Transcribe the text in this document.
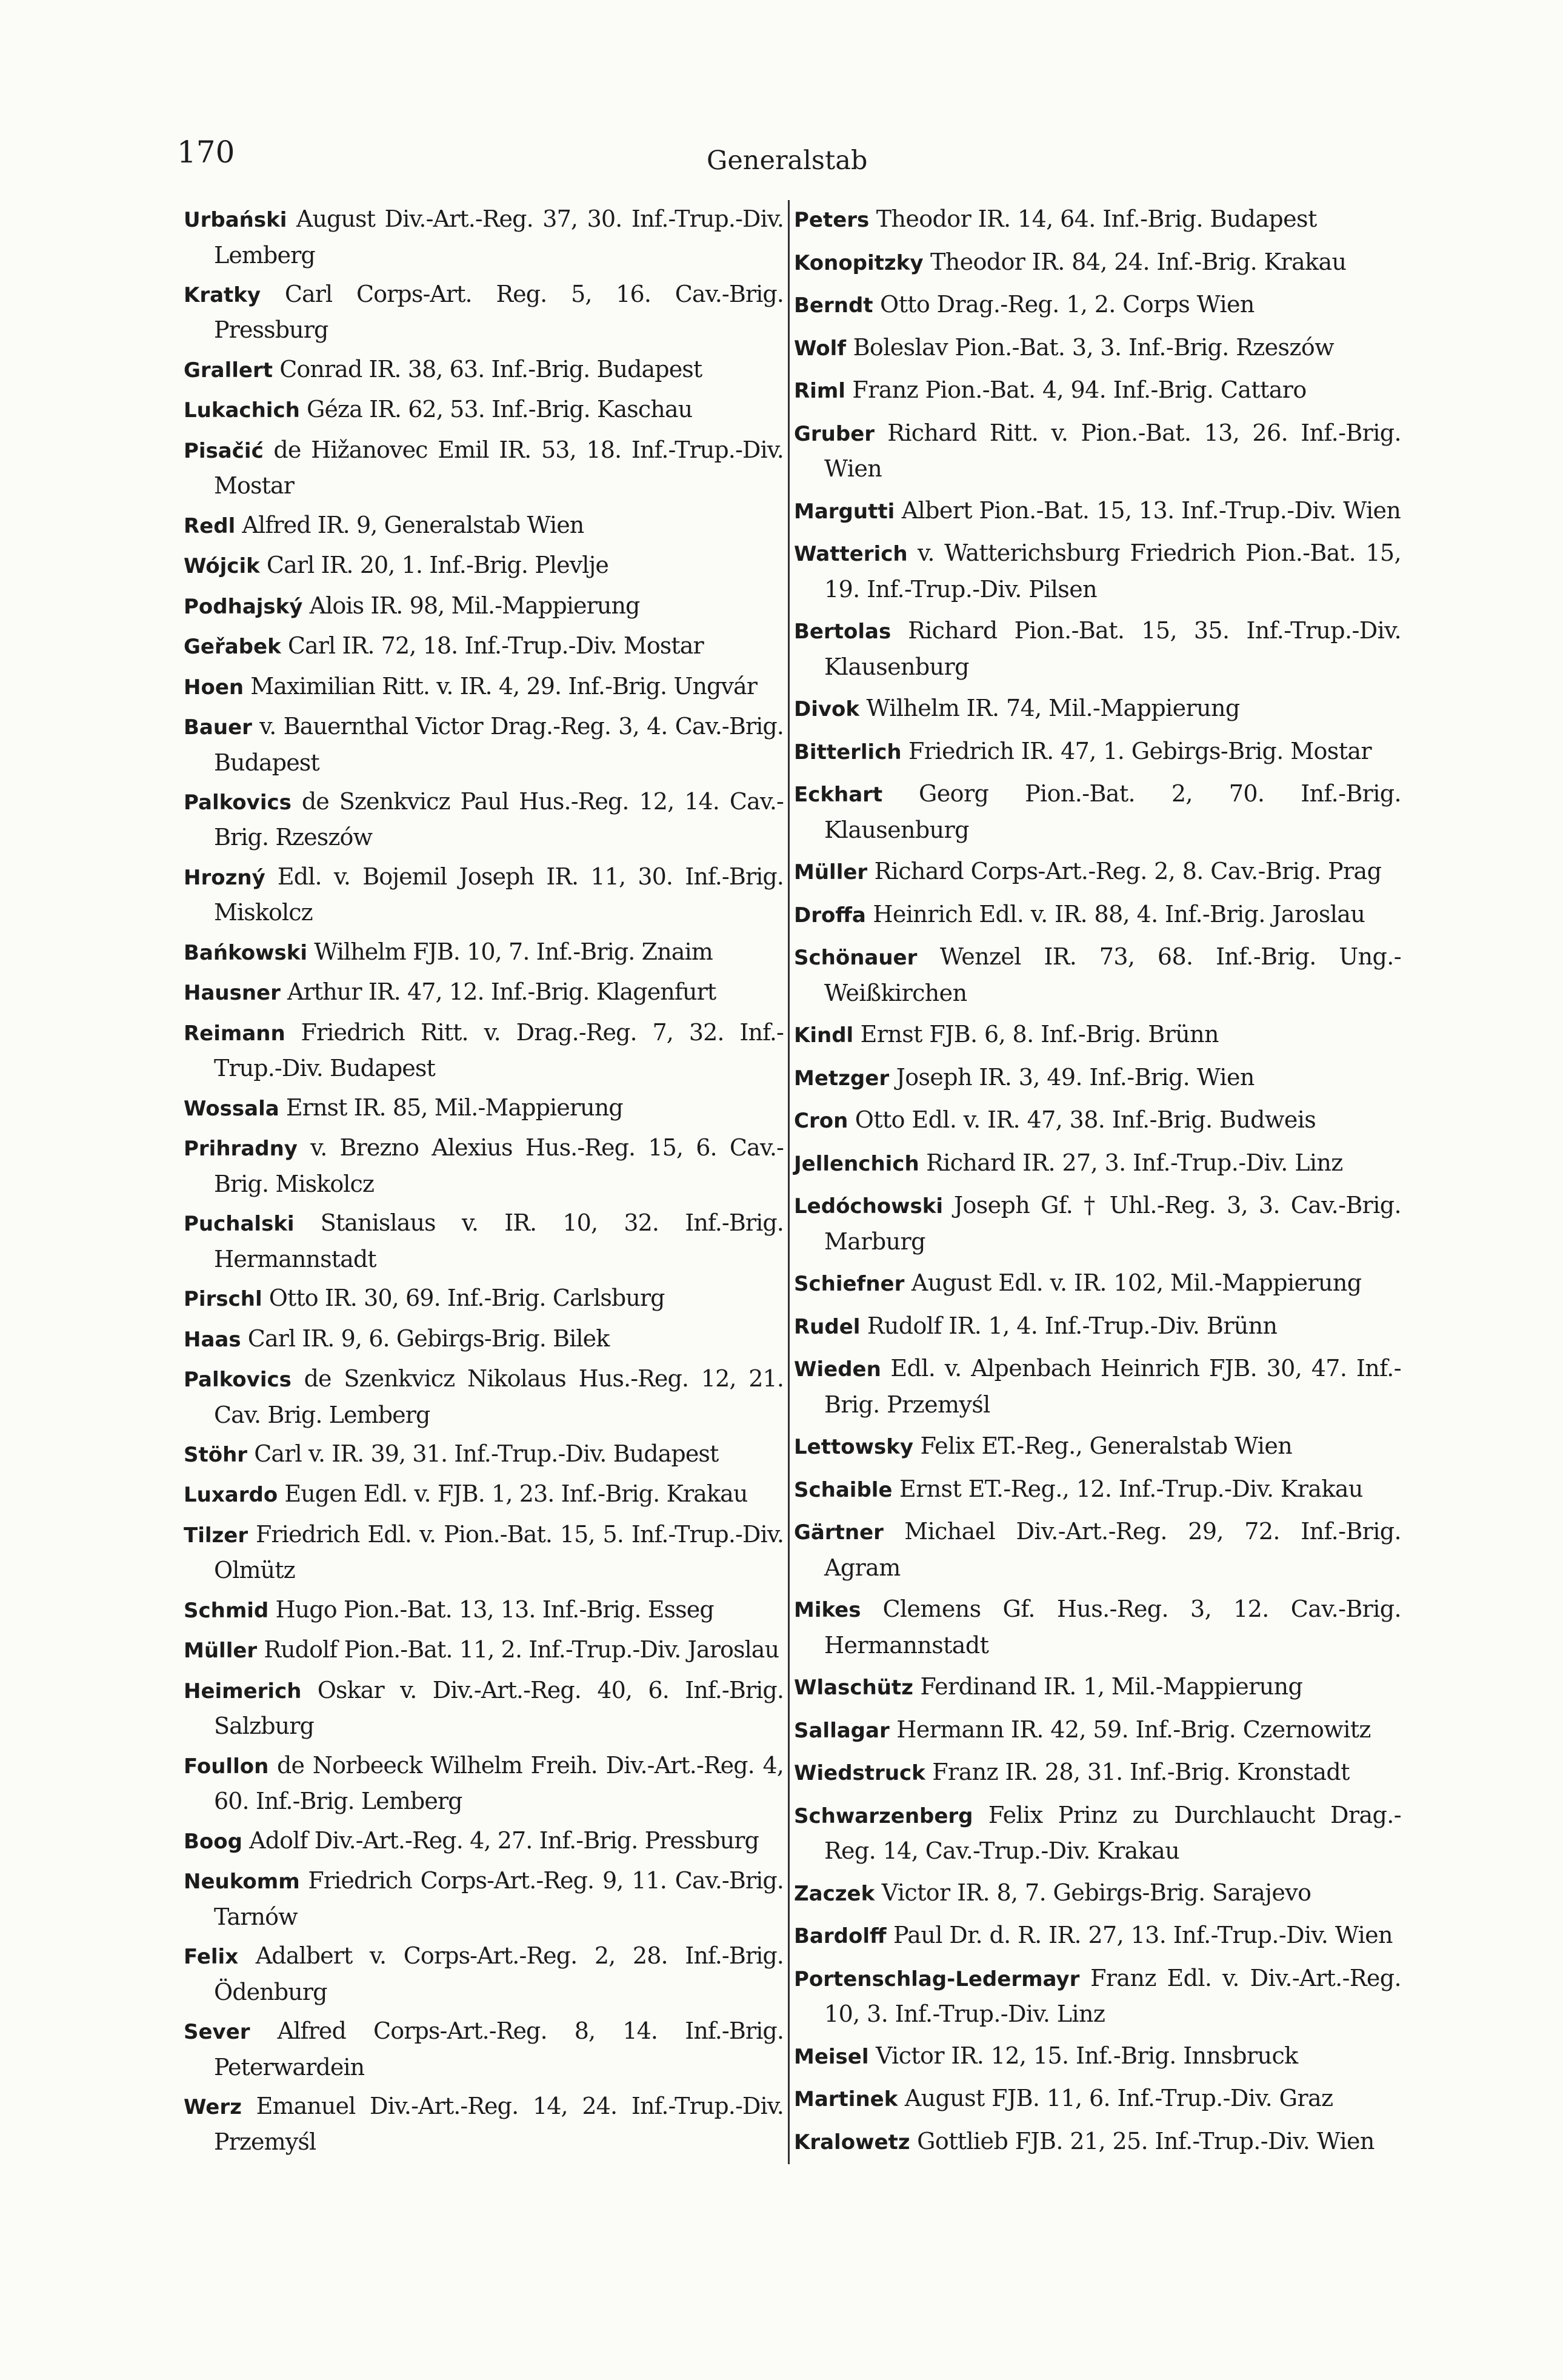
170	Generalstab
Urbański August Div.-Art.-Reg. 37, 30. Inf.-Trup.-Div. Lemberg
Kratky Carl Corps-Art. Reg. 5, 16. Cav.-Brig. Pressburg
Grallert Conrad IR. 38, 63. Inf.-Brig. Budapest
Lukachich Géza IR. 62, 53. Inf.-Brig. Kaschau
Pisačić de Hižanovec Emil IR. 53, 18. Inf.-Trup.-Div. Mostar
Redl Alfred IR. 9, Generalstab Wien
Wójcik Carl IR. 20, 1. Inf.-Brig. Plevlje
Podhajský Alois IR. 98, Mil.-Mappierung
Geřabek Carl IR. 72, 18. Inf.-Trup.-Div. Mostar
Hoen Maximilian Ritt. v. IR. 4, 29. Inf.-Brig. Ungvár
Bauer v. Bauernthal Victor Drag.-Reg. 3, 4. Cav.-Brig. Budapest
Palkovics de Szenkvicz Paul Hus.-Reg. 12, 14. Cav.-Brig. Rzeszów
Hrozný Edl. v. Bojemil Joseph IR. 11, 30. Inf.-Brig. Miskolcz
Bańkowski Wilhelm FJB. 10, 7. Inf.-Brig. Znaim
Hausner Arthur IR. 47, 12. Inf.-Brig. Klagenfurt
Reimann Friedrich Ritt. v. Drag.-Reg. 7, 32. Inf.-Trup.-Div. Budapest
Wossala Ernst IR. 85, Mil.-Mappierung
Prihradny v. Brezno Alexius Hus.-Reg. 15, 6. Cav.-Brig. Miskolcz
Puchalski Stanislaus v. IR. 10, 32. Inf.-Brig. Hermannstadt
Pirschl Otto IR. 30, 69. Inf.-Brig. Carlsburg
Haas Carl IR. 9, 6. Gebirgs-Brig. Bilek
Palkovics de Szenkvicz Nikolaus Hus.-Reg. 12, 21. Cav. Brig. Lemberg
Stöhr Carl v. IR. 39, 31. Inf.-Trup.-Div. Budapest
Luxardo Eugen Edl. v. FJB. 1, 23. Inf.-Brig. Krakau
Tilzer Friedrich Edl. v. Pion.-Bat. 15, 5. Inf.-Trup.-Div. Olmütz
Schmid Hugo Pion.-Bat. 13, 13. Inf.-Brig. Esseg
Müller Rudolf Pion.-Bat. 11, 2. Inf.-Trup.-Div. Jaroslau
Heimerich Oskar v. Div.-Art.-Reg. 40, 6. Inf.-Brig. Salzburg
Foullon de Norbeeck Wilhelm Freih. Div.-Art.-Reg. 4, 60. Inf.-Brig. Lemberg
Boog Adolf Div.-Art.-Reg. 4, 27. Inf.-Brig. Pressburg
Neukomm Friedrich Corps-Art.-Reg. 9, 11. Cav.-Brig. Tarnów
Felix Adalbert v. Corps-Art.-Reg. 2, 28. Inf.-Brig. Ödenburg
Sever Alfred Corps-Art.-Reg. 8, 14. Inf.-Brig. Peterwardein
Werz Emanuel Div.-Art.-Reg. 14, 24. Inf.-Trup.-Div. Przemyśl
Peters Theodor IR. 14, 64. Inf.-Brig. Budapest
Konopitzky Theodor IR. 84, 24. Inf.-Brig. Krakau
Berndt Otto Drag.-Reg. 1, 2. Corps Wien
Wolf Boleslav Pion.-Bat. 3, 3. Inf.-Brig. Rzeszów
Riml Franz Pion.-Bat. 4, 94. Inf.-Brig. Cattaro
Gruber Richard Ritt. v. Pion.-Bat. 13, 26. Inf.-Brig. Wien
Margutti Albert Pion.-Bat. 15, 13. Inf.-Trup.-Div. Wien
Watterich v. Watterichsburg Friedrich Pion.-Bat. 15, 19. Inf.-Trup.-Div. Pilsen
Bertolas Richard Pion.-Bat. 15, 35. Inf.-Trup.-Div. Klausenburg
Divok Wilhelm IR. 74, Mil.-Mappierung
Bitterlich Friedrich IR. 47, 1. Gebirgs-Brig. Mostar
Eckhart Georg Pion.-Bat. 2, 70. Inf.-Brig. Klausenburg
Müller Richard Corps-Art.-Reg. 2, 8. Cav.-Brig. Prag
Droffa Heinrich Edl. v. IR. 88, 4. Inf.-Brig. Jaroslau
Schönauer Wenzel IR. 73, 68. Inf.-Brig. Ung.-Weißkirchen
Kindl Ernst FJB. 6, 8. Inf.-Brig. Brünn
Metzger Joseph IR. 3, 49. Inf.-Brig. Wien
Cron Otto Edl. v. IR. 47, 38. Inf.-Brig. Budweis
Jellenchich Richard IR. 27, 3. Inf.-Trup.-Div. Linz
Ledóchowski Joseph Gf. † Uhl.-Reg. 3, 3. Cav.-Brig. Marburg
Schiefner August Edl. v. IR. 102, Mil.-Mappierung
Rudel Rudolf IR. 1, 4. Inf.-Trup.-Div. Brünn
Wieden Edl. v. Alpenbach Heinrich FJB. 30, 47. Inf.-Brig. Przemyśl
Lettowsky Felix ET.-Reg., Generalstab Wien
Schaible Ernst ET.-Reg., 12. Inf.-Trup.-Div. Krakau
Gärtner Michael Div.-Art.-Reg. 29, 72. Inf.-Brig. Agram
Mikes Clemens Gf. Hus.-Reg. 3, 12. Cav.-Brig. Hermannstadt
Wlaschütz Ferdinand IR. 1, Mil.-Mappierung
Sallagar Hermann IR. 42, 59. Inf.-Brig. Czernowitz
Wiedstruck Franz IR. 28, 31. Inf.-Brig. Kronstadt
Schwarzenberg Felix Prinz zu Durchlaucht Drag.-Reg. 14, Cav.-Trup.-Div. Krakau
Zaczek Victor IR. 8, 7. Gebirgs-Brig. Sarajevo
Bardolff Paul Dr. d. R. IR. 27, 13. Inf.-Trup.-Div. Wien
Portenschlag-Ledermayr Franz Edl. v. Div.-Art.-Reg. 10, 3. Inf.-Trup.-Div. Linz
Meisel Victor IR. 12, 15. Inf.-Brig. Innsbruck
Martinek August FJB. 11, 6. Inf.-Trup.-Div. Graz
Kralowetz Gottlieb FJB. 21, 25. Inf.-Trup.-Div. Wien
